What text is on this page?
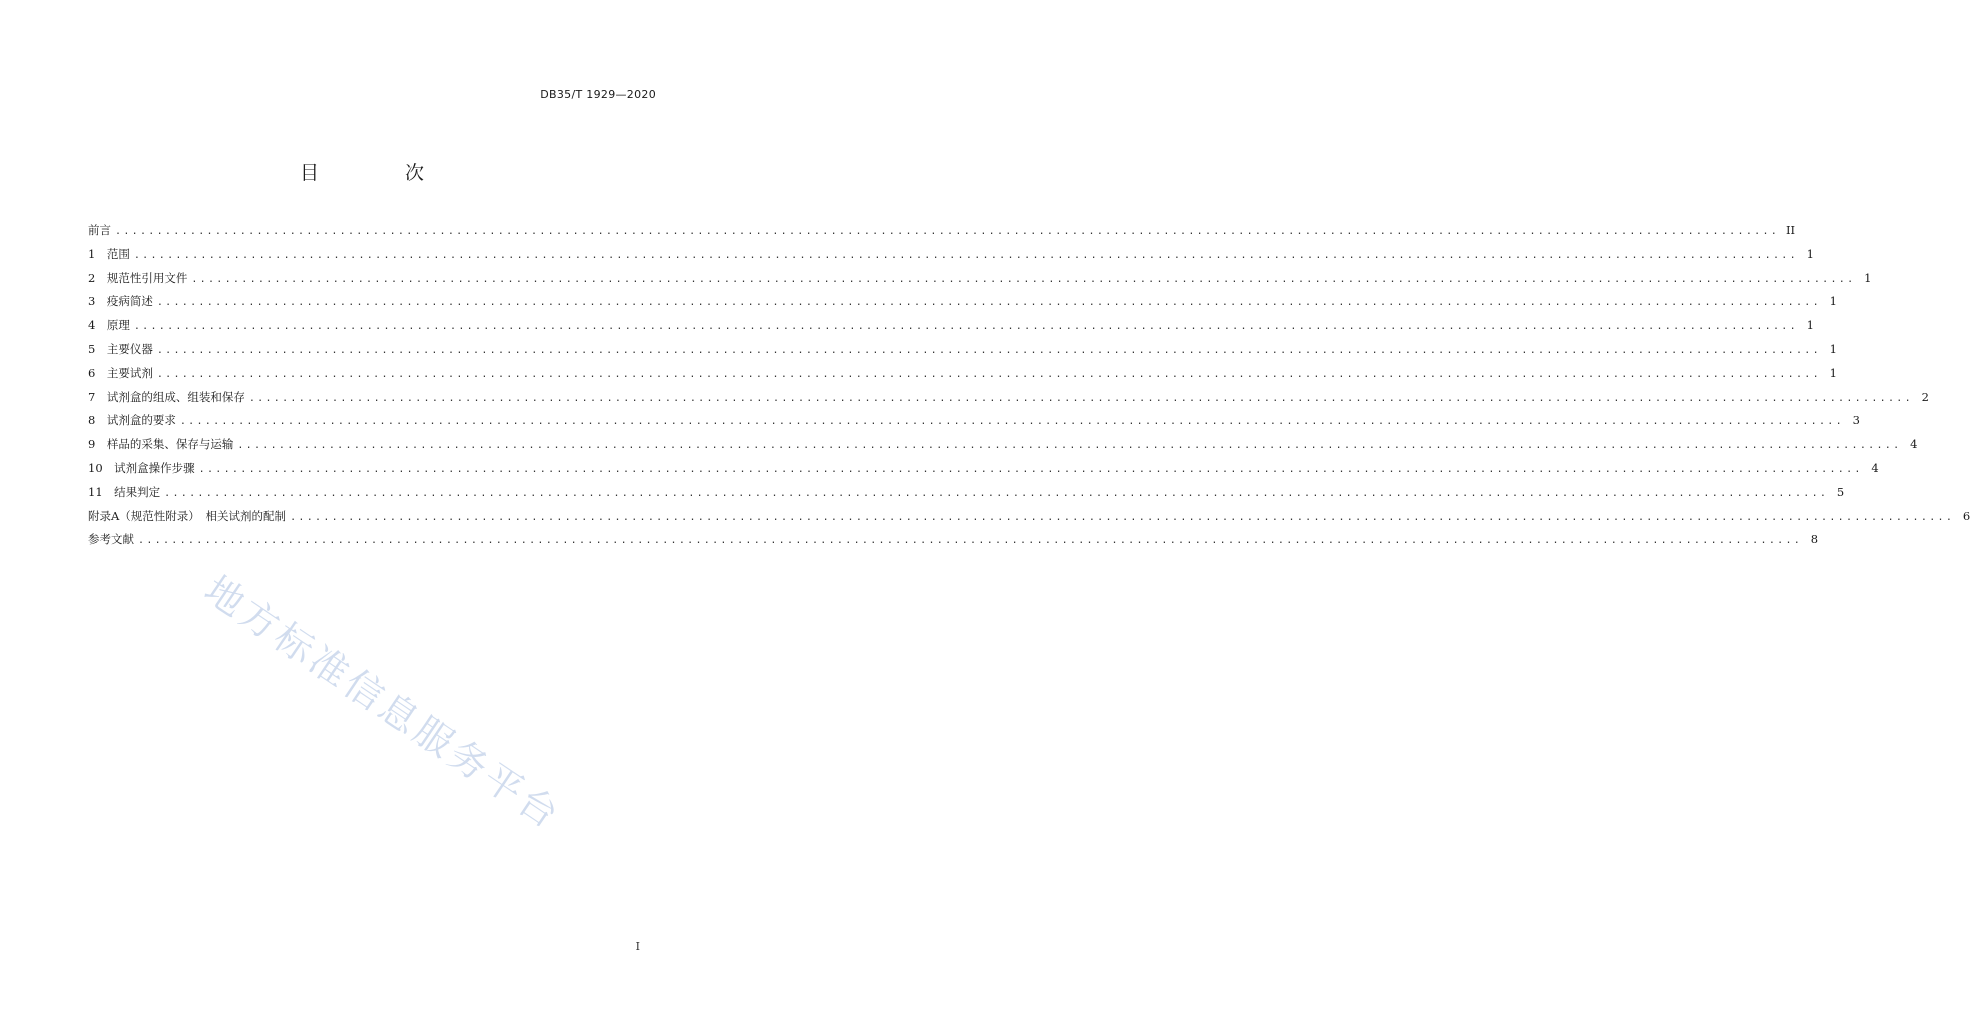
DB35/T 1929—2020
目 次
前言 ........................................................................................................................................................................................................ II
1　范围 ........................................................................................................................................................................................................ 1
2　规范性引用文件 ........................................................................................................................................................................................................ 1
3　疫病简述 ........................................................................................................................................................................................................ 1
4　原理 ........................................................................................................................................................................................................ 1
5　主要仪器 ........................................................................................................................................................................................................ 1
6　主要试剂 ........................................................................................................................................................................................................ 1
7　试剂盒的组成、组装和保存 ........................................................................................................................................................................................................ 2
8　试剂盒的要求 ........................................................................................................................................................................................................ 3
9　样品的采集、保存与运输 ........................................................................................................................................................................................................ 4
10　试剂盒操作步骤 ........................................................................................................................................................................................................ 4
11　结果判定 ........................................................................................................................................................................................................ 5
附录A（规范性附录）　相关试剂的配制 ........................................................................................................................................................................................................ 6
参考文献 ........................................................................................................................................................................................................ 8
地方标准信息服务平台
I
